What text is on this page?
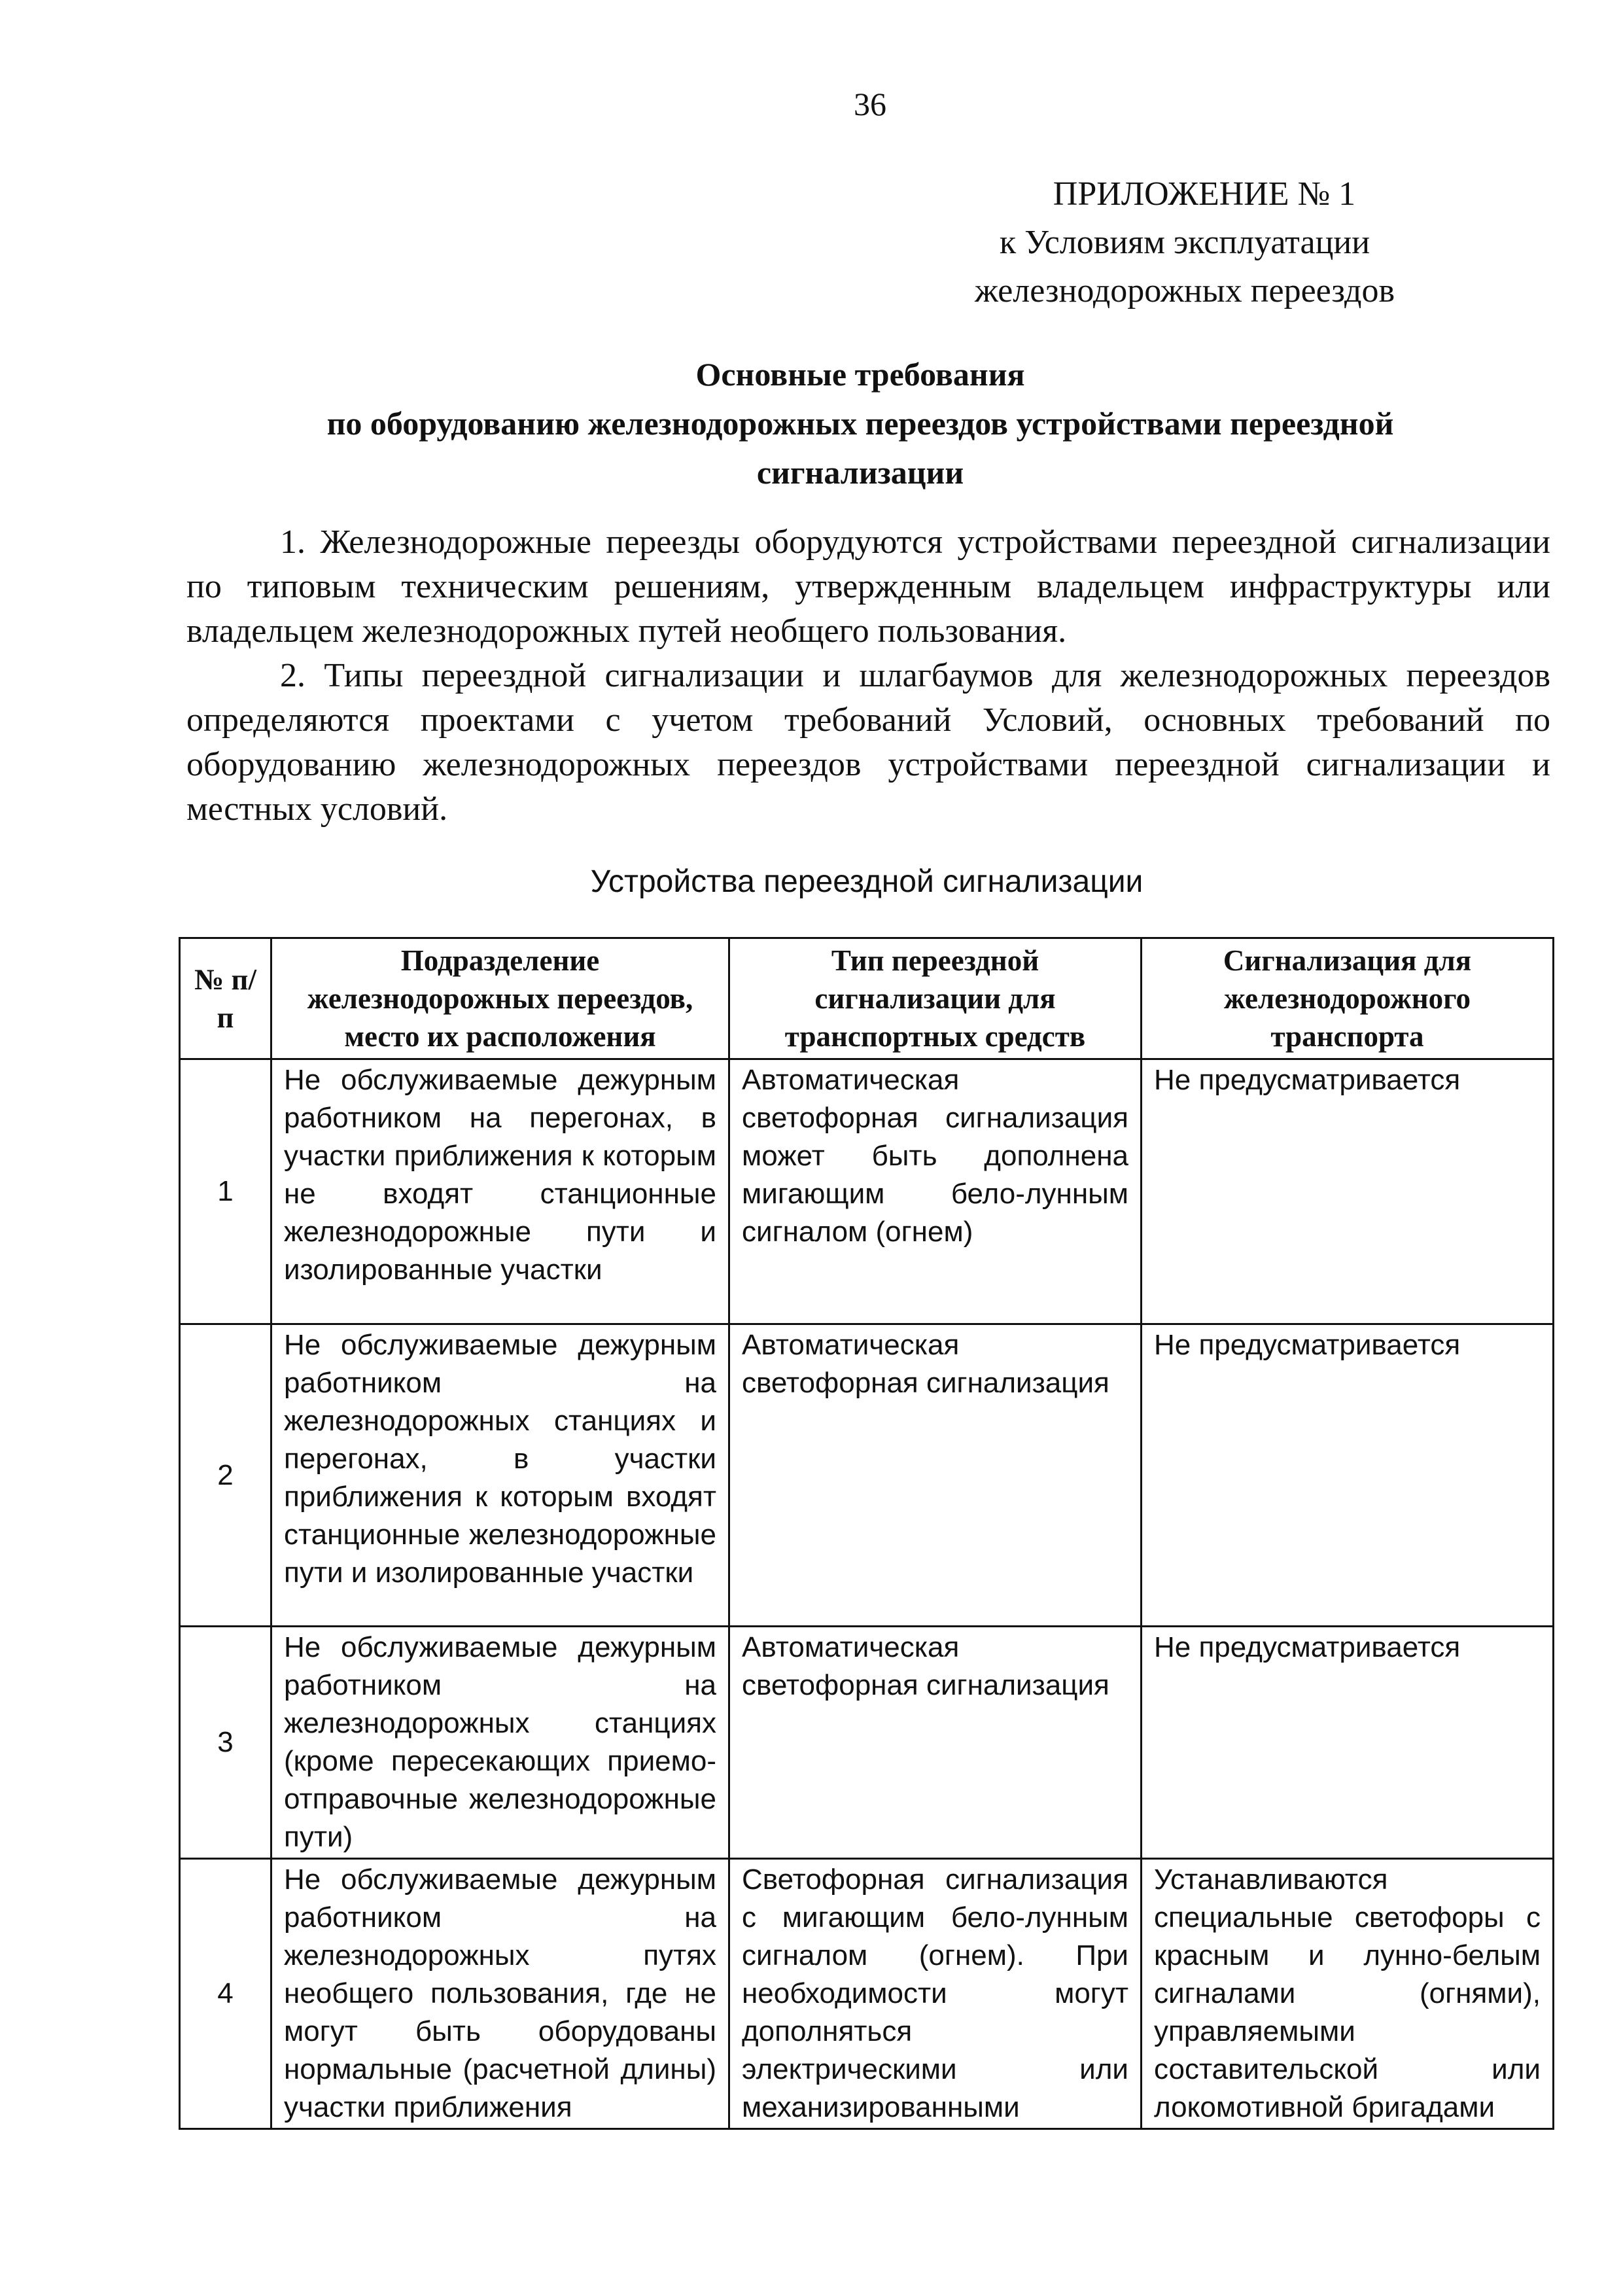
36
ПРИЛОЖЕНИЕ № 1
к Условиям эксплуатации
железнодорожных переездов
Основные требования
по оборудованию железнодорожных переездов устройствами переездной
сигнализации

1. Железнодорожные переезды оборудуются устройствами переездной сигнализации по типовым техническим решениям, утвержденным владельцем инфраструктуры или владельцем железнодорожных путей необщего пользования.

2. Типы переездной сигнализации и шлагбаумов для железнодорожных переездов определяются проектами с учетом требований Условий, основных требований по оборудованию железнодорожных переездов устройствами переездной сигнализации и местных условий.

Устройства переездной сигнализации
№ п/п	Подразделение железнодорожных переездов, место их расположения	Тип переездной сигнализации для транспортных средств	Сигнализация для железнодорожного транспорта
1	Не обслуживаемые дежурным работником на перегонах, в участки приближения к которым не входят станционные железнодорожные пути и изолированные участки	Автоматическая светофорная сигнализация может быть дополнена мигающим бело-лунным сигналом (огнем)	Не предусматривается
2	Не обслуживаемые дежурным работником на железнодорожных станциях и перегонах, в участки приближения к которым входят станционные железнодорожные пути и изолированные участки	Автоматическая светофорная сигнализация	Не предусматривается
3	Не обслуживаемые дежурным работником на железнодорожных станциях (кроме пересекающих приемо-отправочные железнодорожные пути)	Автоматическая светофорная сигнализация	Не предусматривается
4	Не обслуживаемые дежурным работником на железнодорожных путях необщего пользования, где не могут быть оборудованы нормальные (расчетной длины) участки приближения	Светофорная сигнализация с мигающим бело-лунным сигналом (огнем). При необходимости могут дополняться электрическими или механизированными	Устанавливаются специальные светофоры с красным и лунно-белым сигналами (огнями), управляемыми составительской или локомотивной бригадами
